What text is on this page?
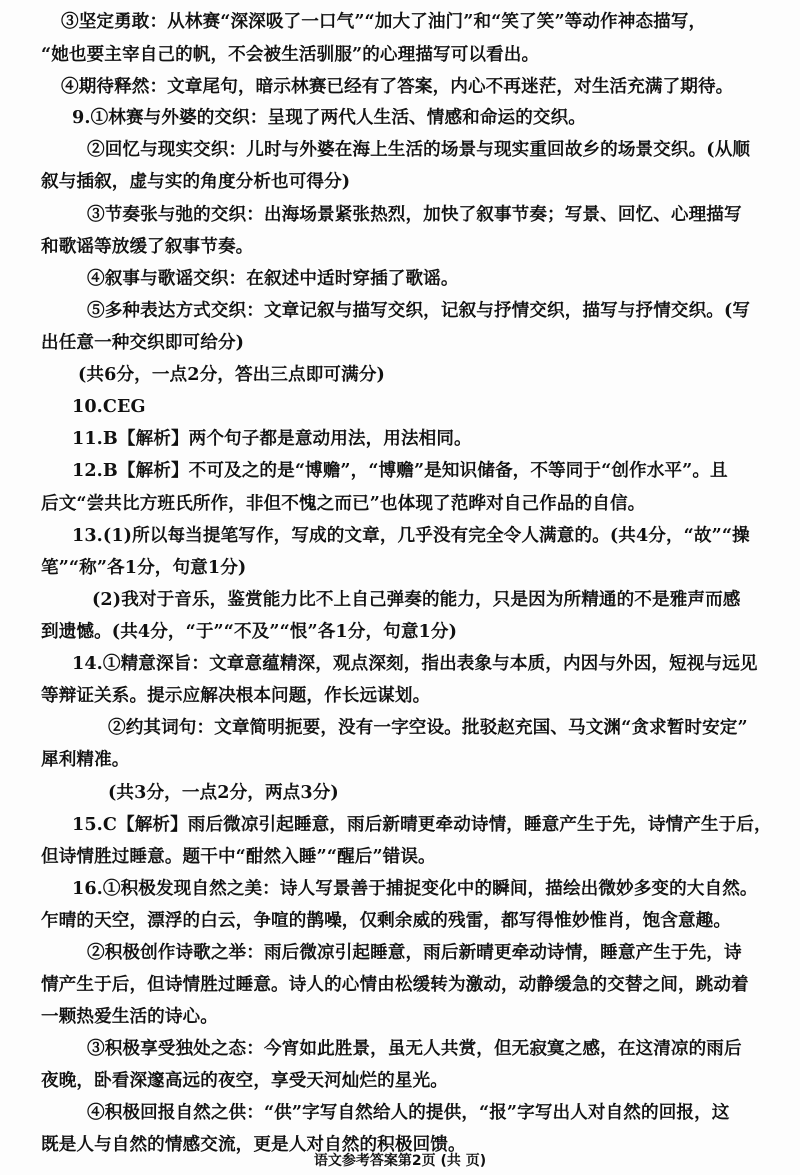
③坚定勇敢：从林赛“深深吸了一口气”“加大了油门”和“笑了笑”等动作神态描写，
“她也要主宰自己的帆，不会被生活驯服”的心理描写可以看出。
④期待释然：文章尾句，暗示林赛已经有了答案，内心不再迷茫，对生活充满了期待。
9.①林赛与外婆的交织：呈现了两代人生活、情感和命运的交织。
②回忆与现实交织：儿时与外婆在海上生活的场景与现实重回故乡的场景交织。(从顺
叙与插叙，虚与实的角度分析也可得分)
③节奏张与弛的交织：出海场景紧张热烈，加快了叙事节奏；写景、回忆、心理描写
和歌谣等放缓了叙事节奏。
④叙事与歌谣交织：在叙述中适时穿插了歌谣。
⑤多种表达方式交织：文章记叙与描写交织，记叙与抒情交织，描写与抒情交织。(写
出任意一种交织即可给分)
(共6分，一点2分，答出三点即可满分)
10.CEG
11.B【解析】两个句子都是意动用法，用法相同。
12.B【解析】不可及之的是“博赡”，“博赡”是知识储备，不等同于“创作水平”。且
后文“尝共比方班氏所作，非但不愧之而已”也体现了范晔对自己作品的自信。
13.(1)所以每当提笔写作，写成的文章，几乎没有完全令人满意的。(共4分，“故”“操
笔”“称”各1分，句意1分)
(2)我对于音乐，鉴赏能力比不上自己弹奏的能力，只是因为所精通的不是雅声而感
到遗憾。(共4分，“于”“不及”“恨”各1分，句意1分)
14.①精意深旨：文章意蕴精深，观点深刻，指出表象与本质，内因与外因，短视与远见
等辩证关系。提示应解决根本问题，作长远谋划。
②约其词句：文章简明扼要，没有一字空设。批驳赵充国、马文渊“贪求暂时安定”
犀利精准。
(共3分，一点2分，两点3分)
15.C【解析】雨后微凉引起睡意，雨后新晴更牵动诗情，睡意产生于先，诗情产生于后，
但诗情胜过睡意。题干中“酣然入睡”“醒后”错误。
16.①积极发现自然之美：诗人写景善于捕捉变化中的瞬间，描绘出微妙多变的大自然。
乍晴的天空，漂浮的白云，争喧的鹊噪，仅剩余威的残雷，都写得惟妙惟肖，饱含意趣。
②积极创作诗歌之举：雨后微凉引起睡意，雨后新晴更牵动诗情，睡意产生于先，诗
情产生于后，但诗情胜过睡意。诗人的心情由松缓转为激动，动静缓急的交替之间，跳动着
一颗热爱生活的诗心。
③积极享受独处之态：今宵如此胜景，虽无人共赏，但无寂寞之感，在这清凉的雨后
夜晚，卧看深邃高远的夜空，享受天河灿烂的星光。
④积极回报自然之供：“供”字写自然给人的提供，“报”字写出人对自然的回报，这
既是人与自然的情感交流，更是人对自然的积极回馈。
语文参考答案第2页 (共 页)
